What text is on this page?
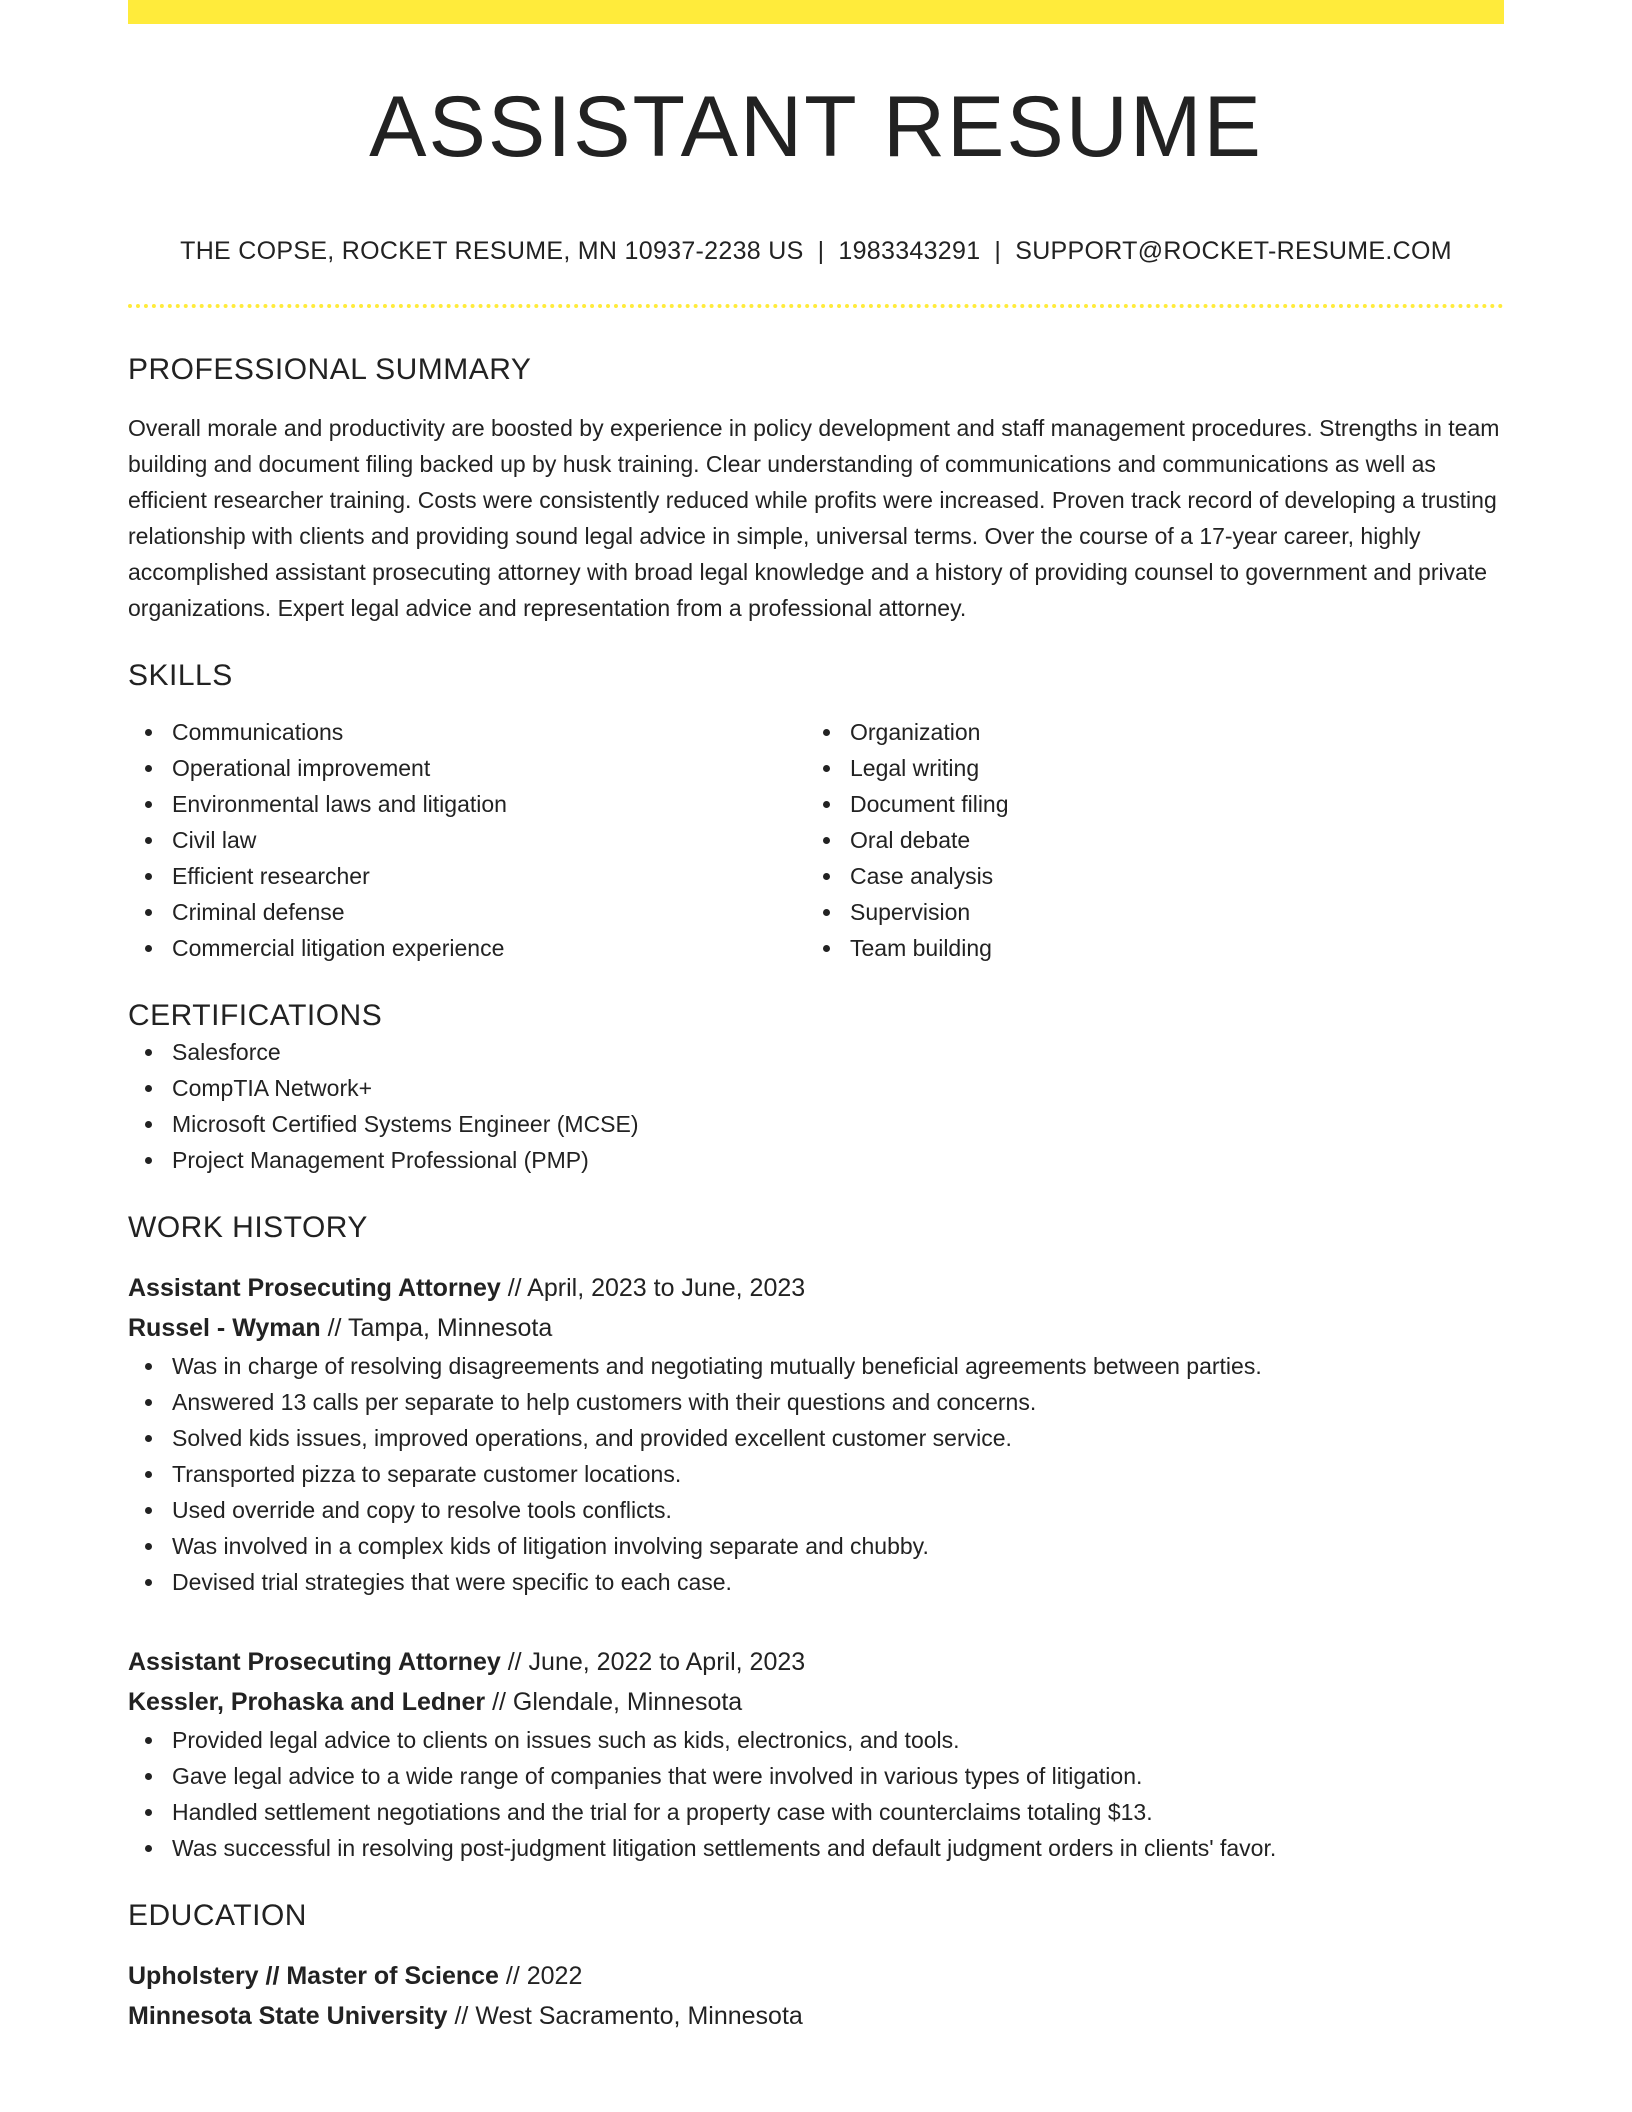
ASSISTANT RESUME
THE COPSE, ROCKET RESUME, MN 10937-2238 US | 1983343291 | SUPPORT@ROCKET-RESUME.COM
PROFESSIONAL SUMMARY

Overall morale and productivity are boosted by experience in policy development and staff management procedures. Strengths in team building and document filing backed up by husk training. Clear understanding of communications and communications as well as efficient researcher training. Costs were consistently reduced while profits were increased. Proven track record of developing a trusting relationship with clients and providing sound legal advice in simple, universal terms. Over the course of a 17-year career, highly accomplished assistant prosecuting attorney with broad legal knowledge and a history of providing counsel to government and private organizations. Expert legal advice and representation from a professional attorney.

SKILLS
Communications
Operational improvement
Environmental laws and litigation
Civil law
Efficient researcher
Criminal defense
Commercial litigation experience
Organization
Legal writing
Document filing
Oral debate
Case analysis
Supervision
Team building
CERTIFICATIONS
Salesforce
CompTIA Network+
Microsoft Certified Systems Engineer (MCSE)
Project Management Professional (PMP)
WORK HISTORY
Assistant Prosecuting Attorney // April, 2023 to June, 2023
Russel - Wyman // Tampa, Minnesota
Was in charge of resolving disagreements and negotiating mutually beneficial agreements between parties.
Answered 13 calls per separate to help customers with their questions and concerns.
Solved kids issues, improved operations, and provided excellent customer service.
Transported pizza to separate customer locations.
Used override and copy to resolve tools conflicts.
Was involved in a complex kids of litigation involving separate and chubby.
Devised trial strategies that were specific to each case.
Assistant Prosecuting Attorney // June, 2022 to April, 2023
Kessler, Prohaska and Ledner // Glendale, Minnesota
Provided legal advice to clients on issues such as kids, electronics, and tools.
Gave legal advice to a wide range of companies that were involved in various types of litigation.
Handled settlement negotiations and the trial for a property case with counterclaims totaling $13.
Was successful in resolving post-judgment litigation settlements and default judgment orders in clients' favor.
EDUCATION
Upholstery // Master of Science // 2022
Minnesota State University // West Sacramento, Minnesota
